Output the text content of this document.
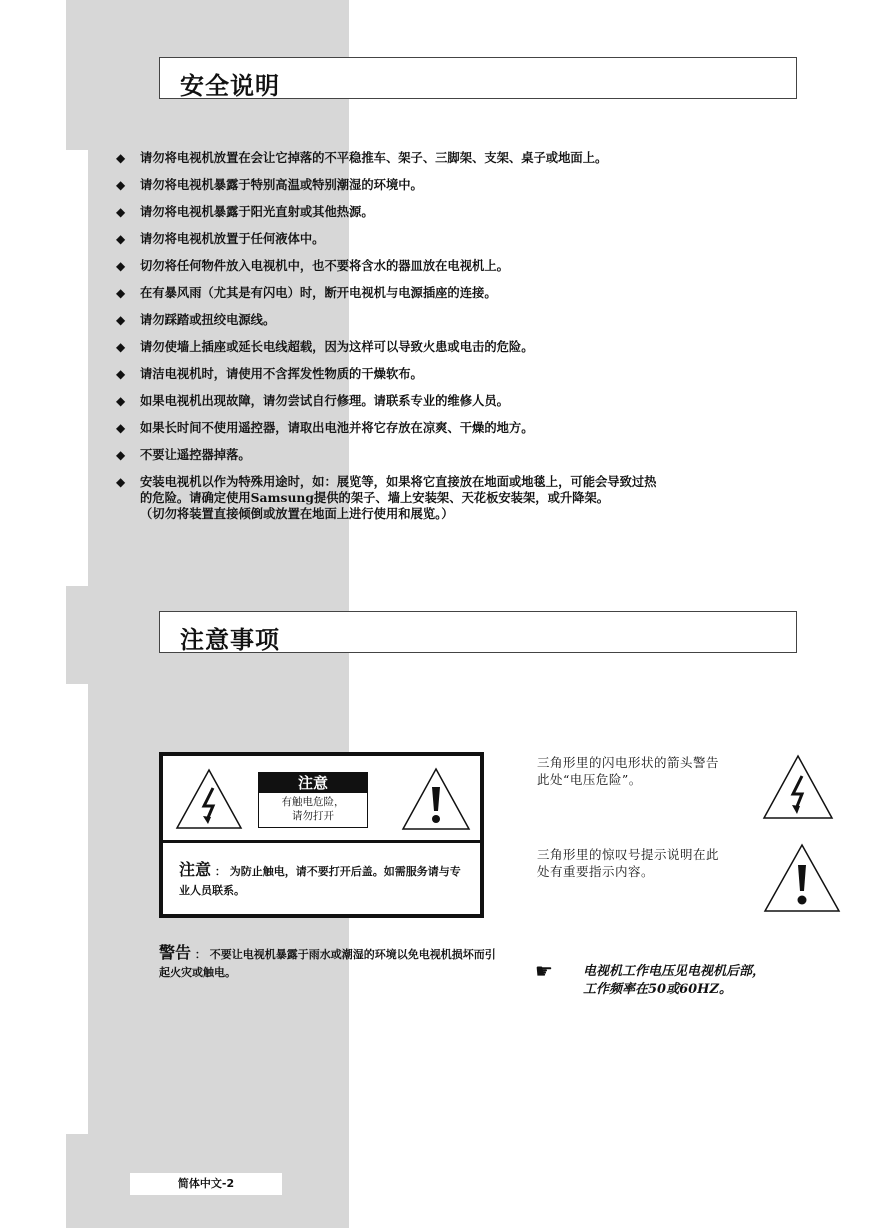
安全说明
◆ 请勿将电视机放置在会让它掉落的不平稳推车、架子、三脚架、支架、桌子或地面上。
◆ 请勿将电视机暴露于特别高温或特别潮湿的环境中。
◆ 请勿将电视机暴露于阳光直射或其他热源。
◆ 请勿将电视机放置于任何液体中。
◆ 切勿将任何物件放入电视机中，也不要将含水的器皿放在电视机上。
◆ 在有暴风雨（尤其是有闪电）时，断开电视机与电源插座的连接。
◆ 请勿踩踏或扭绞电源线。
◆ 请勿使墙上插座或延长电线超载，因为这样可以导致火患或电击的危险。
◆ 请洁电视机时，请使用不含挥发性物质的干燥软布。
◆ 如果电视机出现故障，请勿尝试自行修理。请联系专业的维修人员。
◆ 如果长时间不使用遥控器，请取出电池并将它存放在凉爽、干燥的地方。
◆ 不要让遥控器掉落。
◆ 安装电视机以作为特殊用途时，如：展览等，如果将它直接放在地面或地毯上，可能会导致过热
的危险。请确定使用Samsung提供的架子、墙上安装架、天花板安装架，或升降架。
（切勿将装置直接倾倒或放置在地面上进行使用和展览。）
注意事项
注意
有触电危险，
请勿打开
注意 ： 为防止触电，请不要打开后盖。如需服务请与专业人员联系。
警告 ： 不要让电视机暴露于雨水或潮湿的环境以免电视机损坏而引起火灾或触电。
三角形里的闪电形状的箭头警告
此处“电压危险”。
三角形里的惊叹号提示说明在此
处有重要指示内容。
☛ 电视机工作电压见电视机后部，
工作频率在50或60HZ。
简体中文-2
